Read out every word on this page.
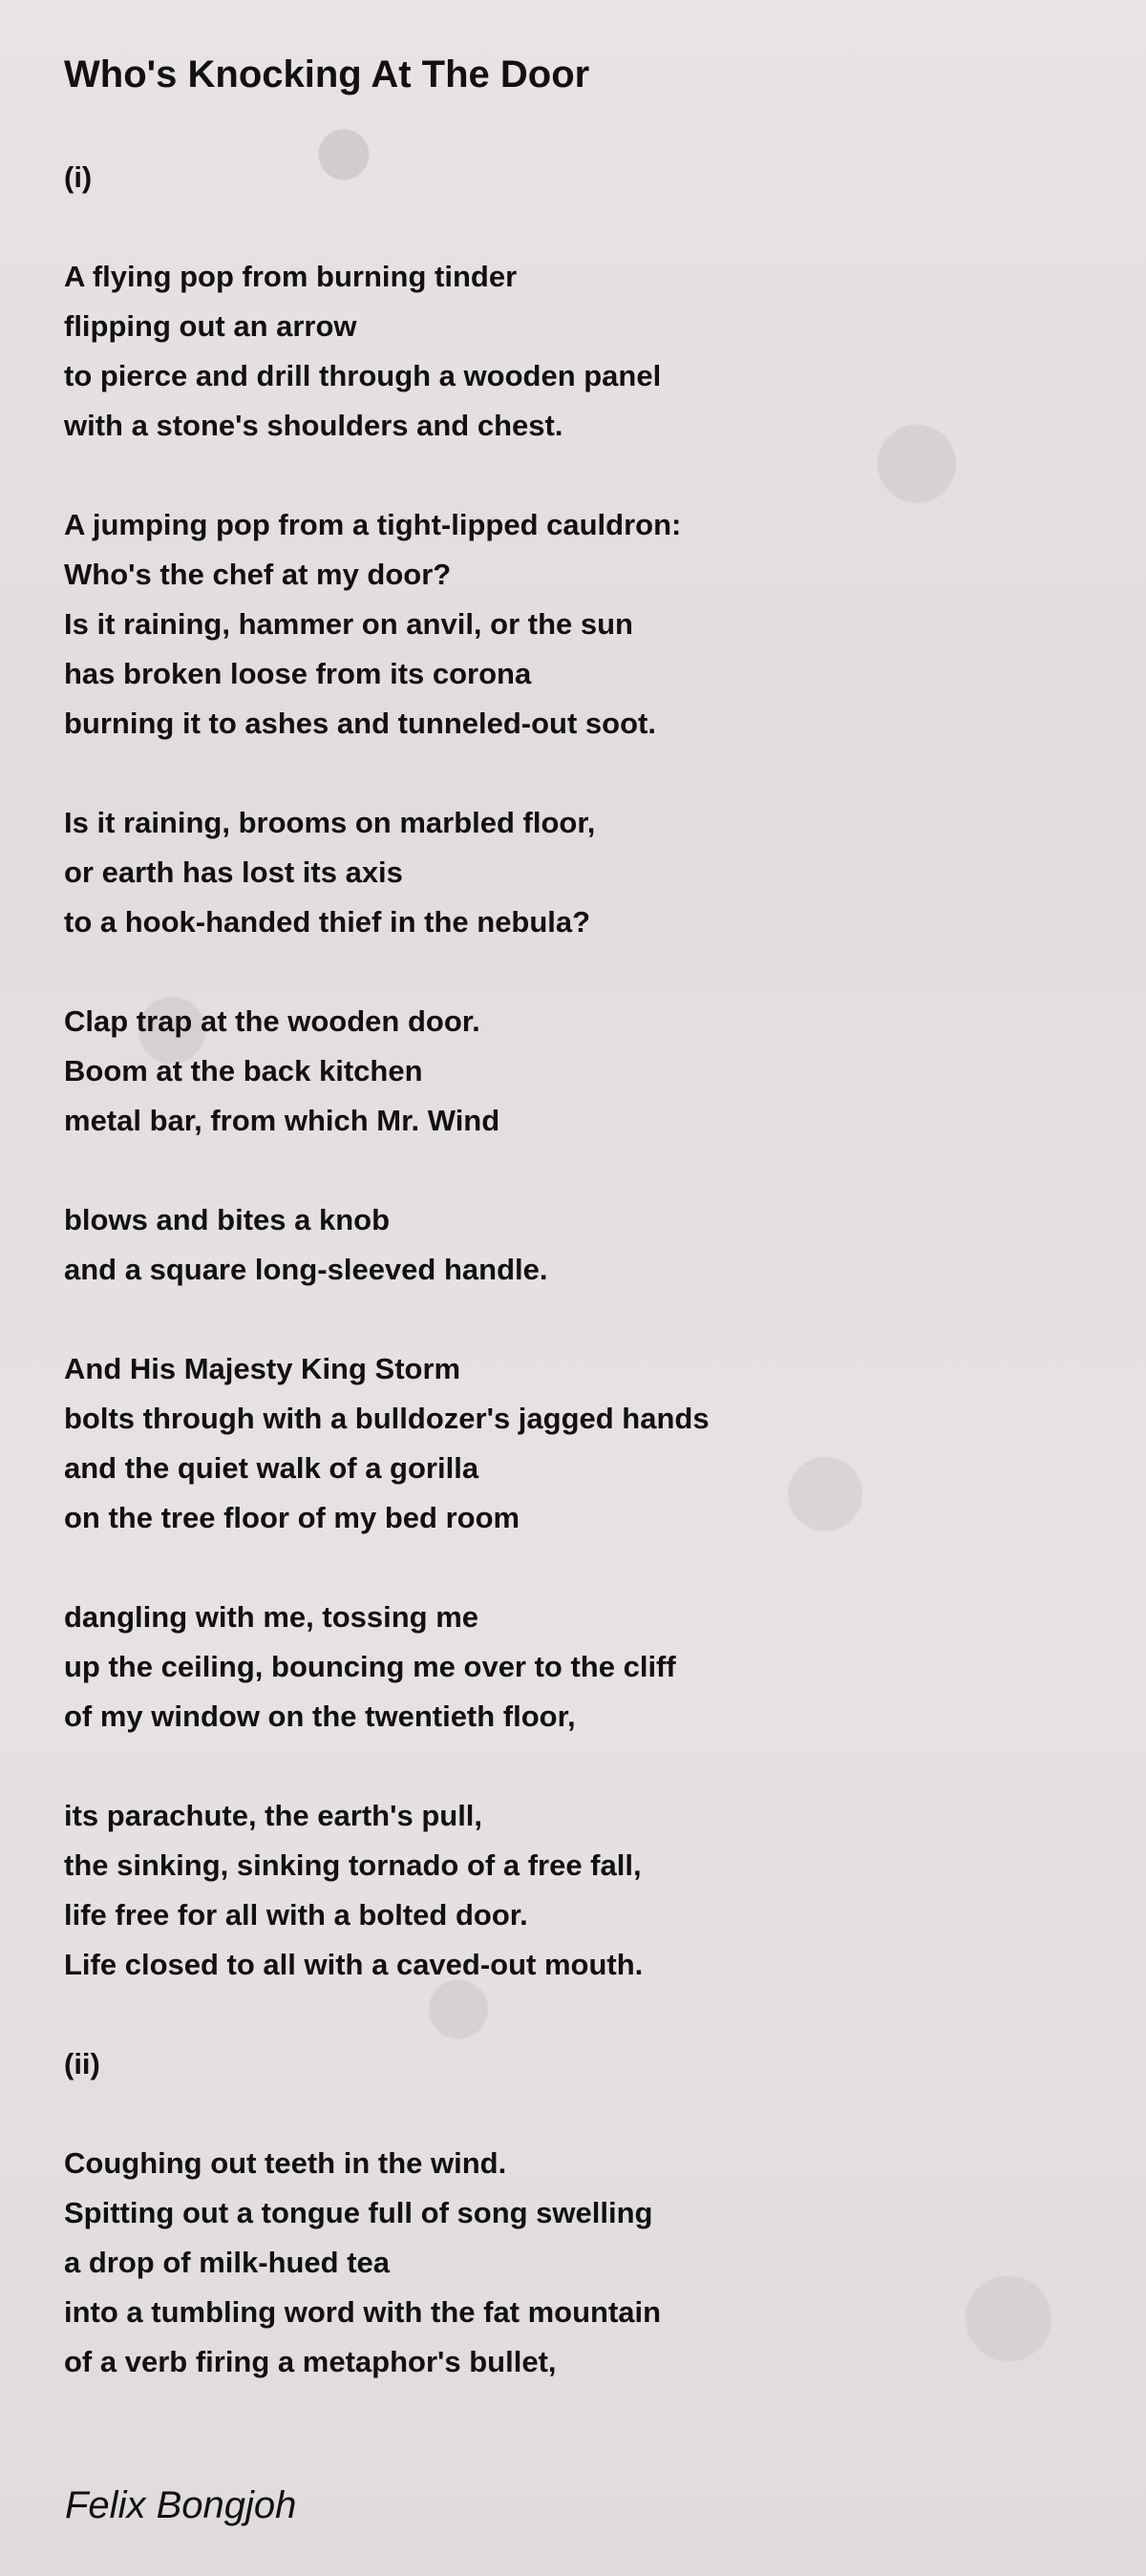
Who's Knocking At The Door
(i)
A flying pop from burning tinder
flipping out an arrow
to pierce and drill through a wooden panel
with a stone's shoulders and chest.
A jumping pop from a tight-lipped cauldron:
Who's the chef at my door?
Is it raining, hammer on anvil, or the sun
has broken loose from its corona
burning it to ashes and tunneled-out soot.
Is it raining, brooms on marbled floor,
or earth has lost its axis
to a hook-handed thief in the nebula?
Clap trap at the wooden door.
Boom at the back kitchen
metal bar, from which Mr. Wind
blows and bites a knob
and a square long-sleeved handle.
And His Majesty King Storm
bolts through with a bulldozer's jagged hands
and the quiet walk of a gorilla
on the tree floor of my bed room
dangling with me, tossing me
up the ceiling, bouncing me over to the cliff
of my window on the twentieth floor,
its parachute, the earth's pull,
the sinking, sinking tornado of a free fall,
life free for all with a bolted door.
Life closed to all with a caved-out mouth.
(ii)
Coughing out teeth in the wind.
Spitting out a tongue full of song swelling
a drop of milk-hued tea
into a tumbling word with the fat mountain
of a verb firing a metaphor's bullet,
Felix Bongjoh
